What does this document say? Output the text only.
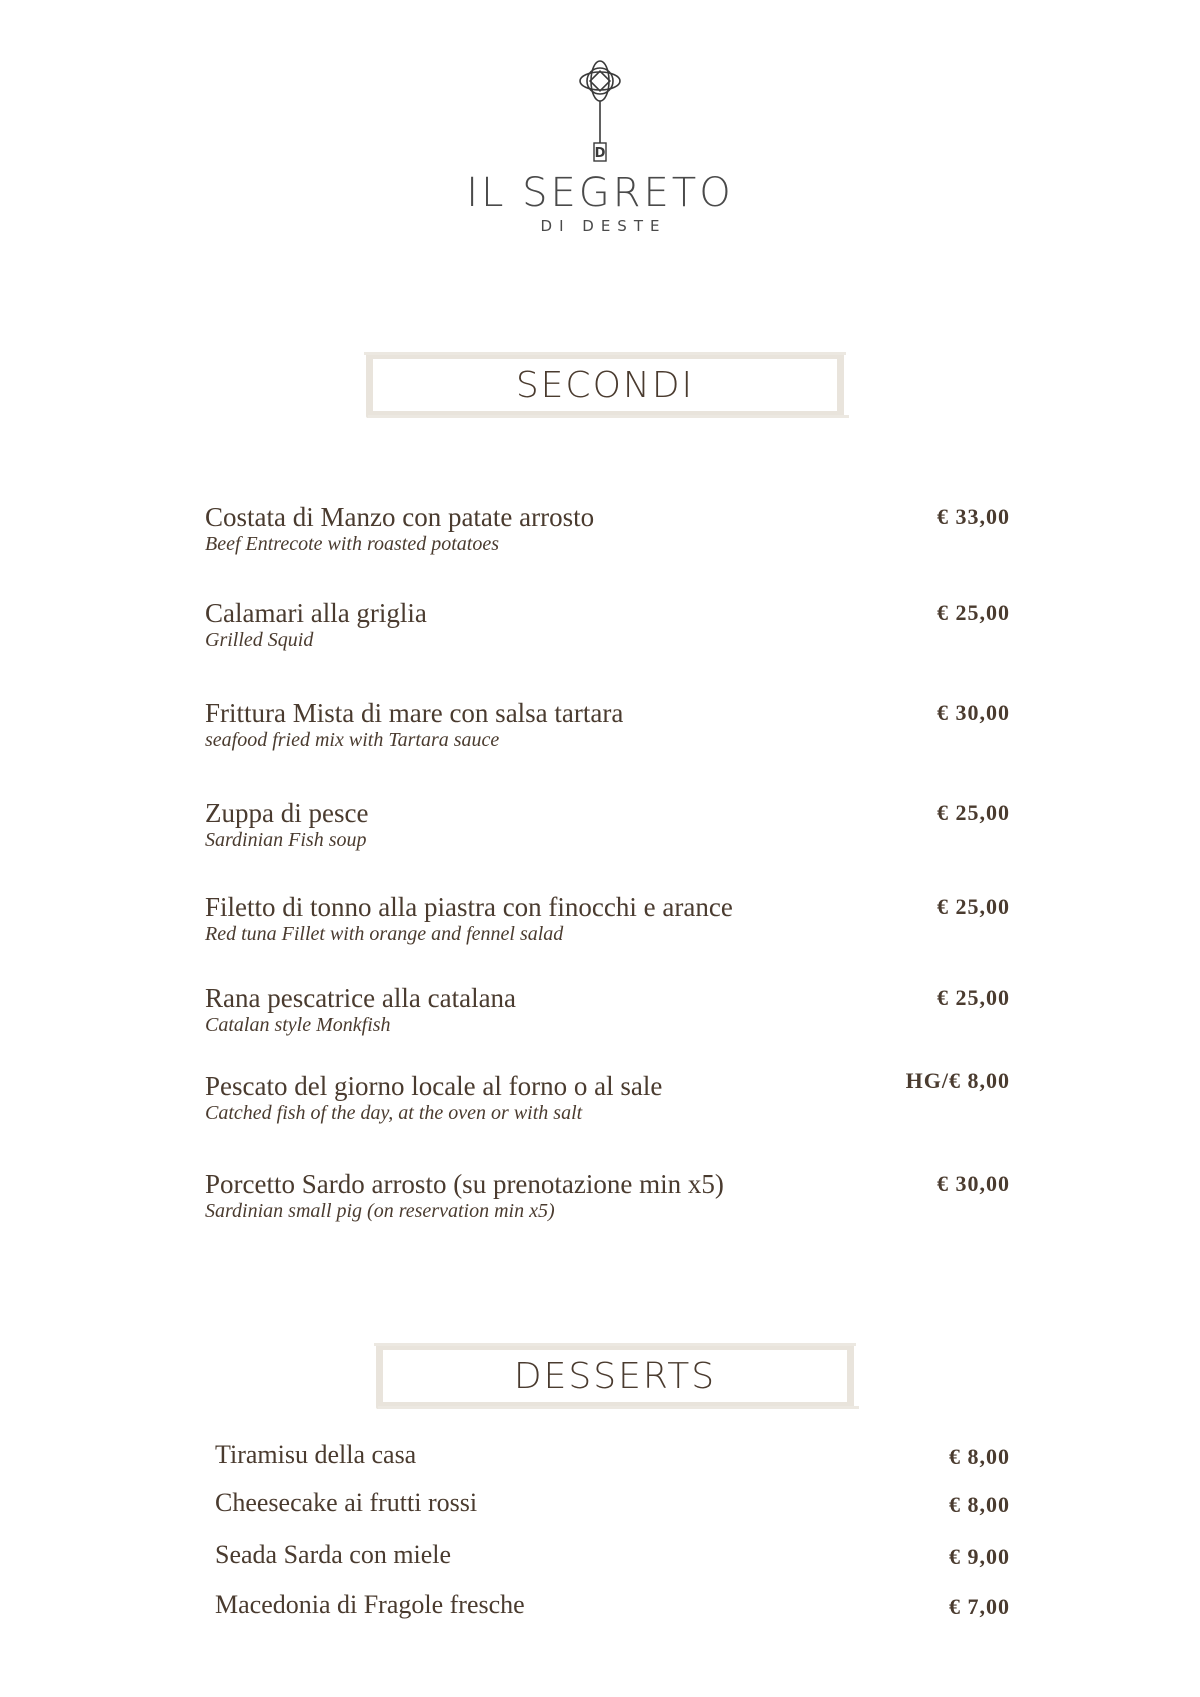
D
IL SEGRETO
DI DESTE
SECONDI
Costata di Manzo con patate arrosto
Beef Entrecote with roasted potatoes
€ 33,00
Calamari alla griglia
Grilled Squid
€ 25,00
Frittura Mista di mare con salsa tartara
seafood fried mix with Tartara sauce
€ 30,00
Zuppa di pesce
Sardinian Fish soup
€ 25,00
Filetto di tonno alla piastra con finocchi e arance
Red tuna Fillet with orange and fennel salad
€ 25,00
Rana pescatrice alla catalana
Catalan style Monkfish
€ 25,00
Pescato del giorno locale al forno o al sale
Catched fish of the day, at the oven or with salt
HG/€ 8,00
Porcetto Sardo arrosto (su prenotazione min x5)
Sardinian small pig (on reservation min x5)
€ 30,00
DESSERTS
Tiramisu della casa	€ 8,00
Cheesecake ai frutti rossi	€ 8,00
Seada Sarda con miele	€ 9,00
Macedonia di Fragole fresche	€ 7,00
